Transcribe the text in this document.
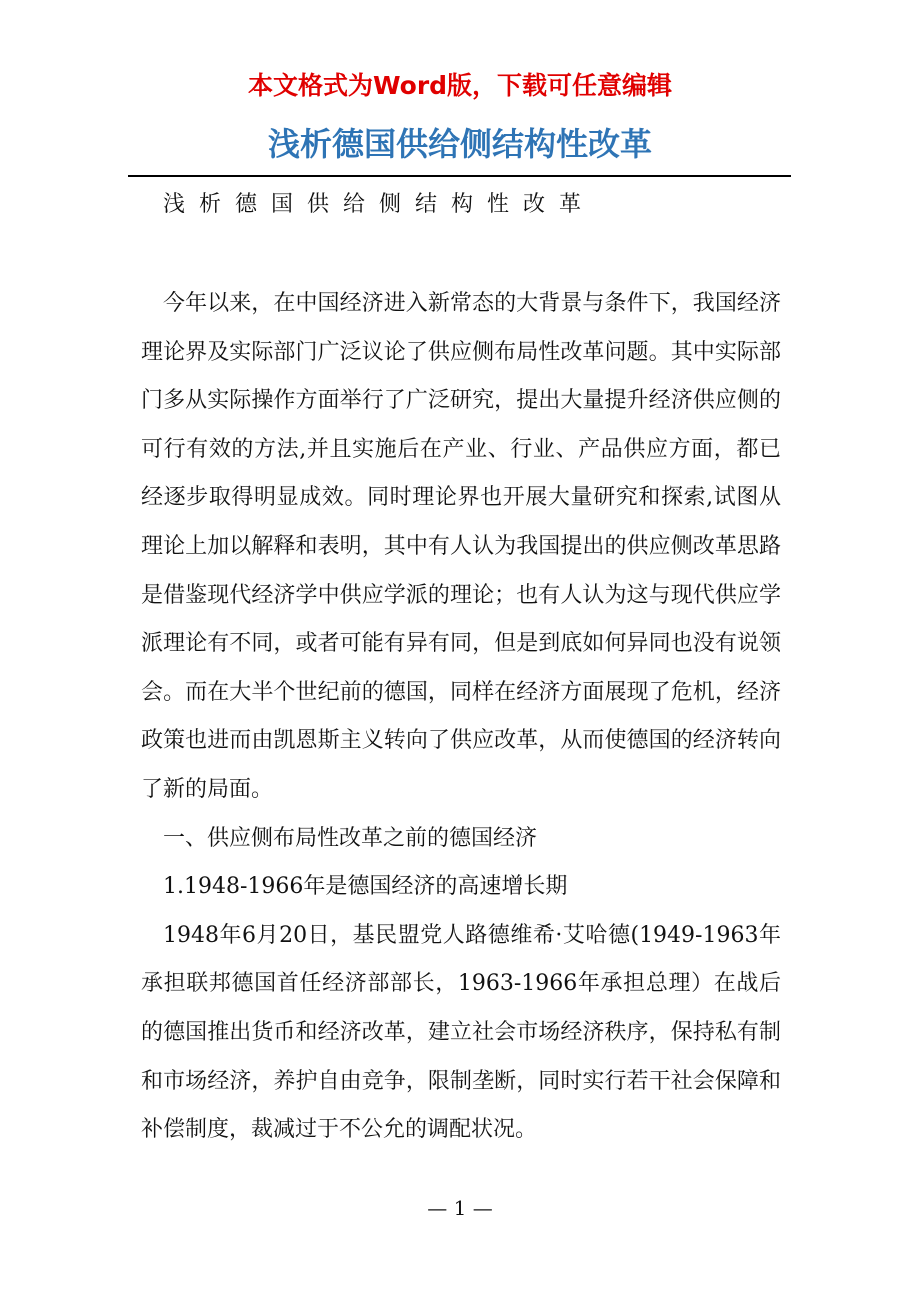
本文格式为Word版，下载可任意编辑
浅析德国供给侧结构性改革
浅析德国供给侧结构性改革

今年以来，在中国经济进入新常态的大背景与条件下，我国经济理论界及实际部门广泛议论了供应侧布局性改革问题。其中实际部门多从实际操作方面举行了广泛研究，提出大量提升经济供应侧的可行有效的方法,并且实施后在产业、行业、产品供应方面，都已经逐步取得明显成效。同时理论界也开展大量研究和探索,试图从理论上加以解释和表明，其中有人认为我国提出的供应侧改革思路是借鉴现代经济学中供应学派的理论；也有人认为这与现代供应学派理论有不同，或者可能有异有同，但是到底如何异同也没有说领会。而在大半个世纪前的德国，同样在经济方面展现了危机，经济政策也进而由凯恩斯主义转向了供应改革，从而使德国的经济转向了新的局面。

一、供应侧布局性改革之前的德国经济

1.1948-1966年是德国经济的高速增长期

1948年6月20日，基民盟党人路德维希·艾哈德(1949-1963年承担联邦德国首任经济部部长，1963-1966年承担总理）在战后的德国推出货币和经济改革，建立社会市场经济秩序，保持私有制和市场经济，养护自由竞争，限制垄断，同时实行若干社会保障和补偿制度，裁减过于不公允的调配状况。

— 1 —
